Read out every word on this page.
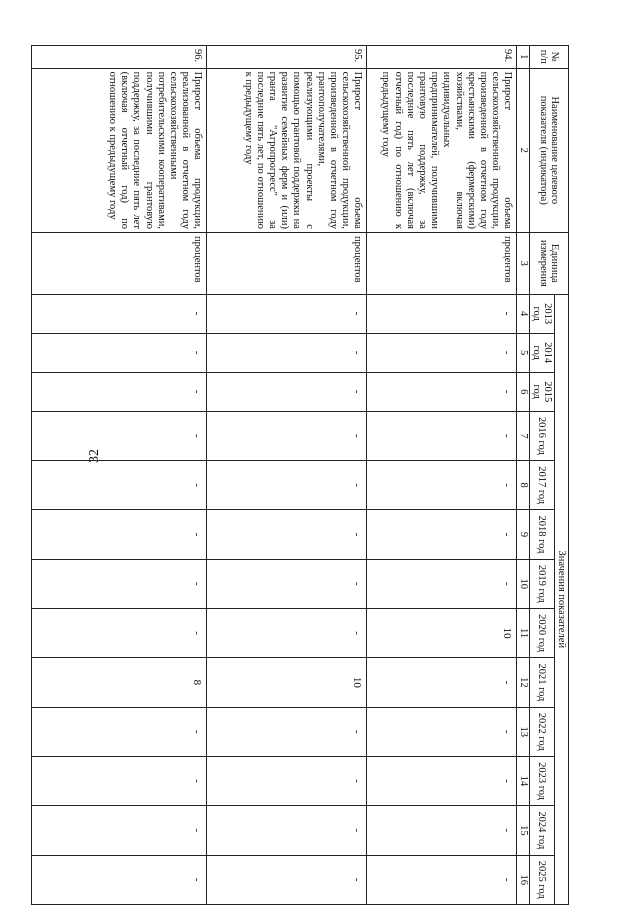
32
№
п/п	Наименование целевого показателя (индикатора)	Единица измерения	Значения показателей												
			2013 год	2014 год	2015 год	2016 год	2017 год	2018 год	2019 год	2020 год	2021 год	2022 год	2023 год	2024 год	2025 год
1	2	3	4	5	6	7	8	9	10	11	12	13	14	15	16
94.	Прирост объема сельскохозяйственной продукции, произведенной в отчетном году крестьянскими (фермерскими) хозяйствами, включая индивидуальных предпринимателей, получившими грантовую поддержку, за последние пять лет (включая отчетный год) по отношению к предыдущему году	процентов	-	-	-	-	-	-	-	10	-	-	-	-	-
95.	Прирост объема сельскохозяйственной продукции, произведенной в отчетном году грантополучателями, реализующими проекты с помощью грантовой поддержки на развитие семейных ферм и (или) гранта "Агропрогресс" за последние пять лет, по отношению к предыдущему году	процентов	-	-	-	-	-	-	-	-	10	-	-	-	-
96.	Прирост объема продукции, реализованной в отчетном году сельскохозяйственными потребительскими кооперативами, получившими грантовую поддержку, за последние пять лет (включая отчетный год) по отношению к предыдущему году	процентов	-	-	-	-	-	-	-	-	8	-	-	-	-
